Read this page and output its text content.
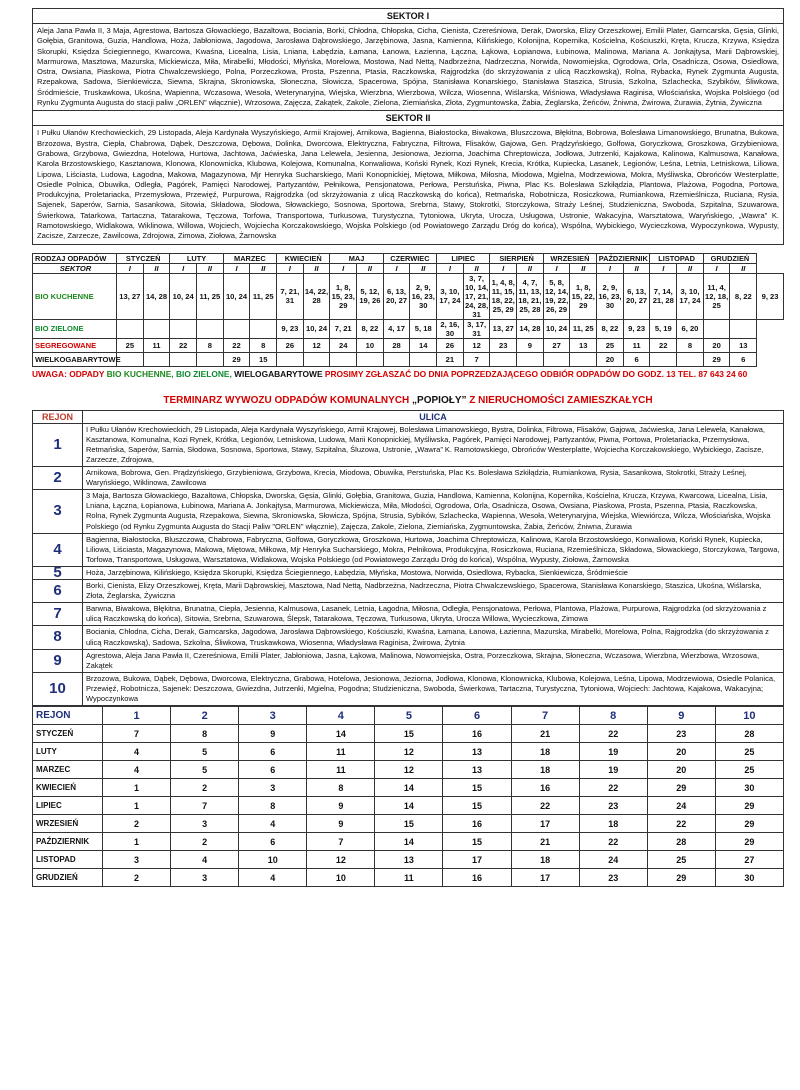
SEKTOR I
Aleja Jana Pawła II, 3 Maja, Agrestowa, Bartosza Głowackiego, Bazaltowa, Bociania, Borki, Chłodna, Chłopska, Cicha, Cienista, Czereśniowa, Derak, Dworska, Elizy Orzeszkowej, Emilii Plater, Garncarska, Gęsia, Glinki, Gołębia, Granitowa, Guzia, Handlowa, Hoża, Jabłoniowa, Jagodowa, Jarosława Dąbrowskiego, Jarzębinowa, Jasna, Kamienna, Kilińskiego, Kolonijna, Kopernika, Kościelna, Kościuszki, Kręta, Krucza, Krzywa, Księdza Skorupki, Księdza Ściegiennego, Kwarcowa, Kwaśna, Licealna, Lisia, Lniana, Łabędzia, Łamana, Łanowa, Łazienna, Łączna, Łąkowa, Łopianowa, Łubinowa, Malinowa, Mariana A. Jonkajtysa, Marii Dąbrowskiej, Marmurowa, Masztowa, Mazurska, Mickiewicza, Miła, Mirabelki, Młodości, Młyńska, Morelowa, Mostowa, Nad Nettą, Nadbrzeżna, Nadrzeczna, Norwida, Nowomiejska, Ogrodowa, Orla, Osadnicza, Osowa, Osiedlowa, Ostra, Owsiana, Piaskowa, Piotra Chwalczewskiego, Polna, Porzeczkowa, Prosta, Pszenna, Ptasia, Raczkowska, Rajgrodzka (do skrzyżowania z ulicą Raczkowską), Rolna, Rybacka, Rynek Zygmunta Augusta, Rzepakowa, Sadowa, Sienkiewicza, Siewna, Skrajna, Skroniowska, Słoneczna, Słowicza, Spacerowa, Spójna, Stanisława Konarskiego, Stanisława Staszica, Strusia, Szkolna, Szlachecka, Szybików, Śliwkowa, Śródmieście, Truskawkowa, Ukośna, Wapienna, Wczasowa, Wesoła, Weterynaryjna, Wiejska, Wierzbna, Wierzbowa, Wilcza, Wiosenna, Wiślarska, Wiśniowa, Władysława Raginisa, Włościańska, Wojska Polskiego (od Rynku Zygmunta Augusta do stacji paliw „ORLEN” włącznie), Wrzosowa, Zajęcza, Zakątek, Zakole, Zielona, Ziemiańska, Złota, Zygmuntowska, Żabia, Żeglarska, Żeńców, Żniwna, Żwirowa, Żurawia, Żytnia, Żywiczna
SEKTOR II
I Pułku Ułanów Krechowieckich, 29 Listopada, Aleja Kardynała Wyszyńskiego, Armii Krajowej, Arnikowa, Bagienna, Białostocka, Biwakowa, Bluszczowa, Błękitna, Bobrowa, Bolesława Limanowskiego, Brunatna, Bukowa, Brzozowa, Bystra, Ciepła, Chabrowa, Dąbek, Deszczowa, Dębowa, Dolinka, Dworcowa, Elektryczna, Fabryczna, Filtrowa, Flisaków, Gajowa, Gen. Prądzyńskiego, Golfowa, Goryczkowa, Groszkowa, Grzybieniowa, Grabowa, Grzybowa, Gwiezdna, Hotelowa, Hurtowa, Jachtowa, Jaćwieska, Jana Lelewela, Jesienna, Jesionowa, Jeziorna, Joachima Chreptowicza, Jodłowa, Jutrzenki, Kajakowa, Kalinowa, Kalmusowa, Kanałowa, Karola Brzostowskiego, Kasztanowa, Klonowa, Klonownicka, Klubowa, Kolejowa, Komunalna, Konwaliowa, Koński Rynek, Kozi Rynek, Krecia, Krótka, Kupiecka, Lasanek, Legionów, Leśna, Letnia, Letniskowa, Liliowa, Lipowa, Liściasta, Ludowa, Łagodna, Makowa, Magazynowa, Mjr Henryka Sucharskiego, Marii Konopnickiej, Miętowa, Miłkowa, Miłosna, Miodowa, Mgielna, Modrzewiowa, Mokra, Myśliwska, Obrońców Westerplatte, Osiedle Polnica, Obuwika, Odległa, Pagórek, Pamięci Narodowej, Partyzantów, Pełnikowa, Pensjonatowa, Perłowa, Perstuńska, Piwna, Plac Ks. Bolesława Szkiłądzia, Plantowa, Plażowa, Pogodna, Portowa, Produkcyjna, Proletariacka, Przemysłowa, Przewięź, Purpurowa, Rajgrodzka (od skrzyżowania z ulicą Raczkowską do końca), Retmańska, Robotnicza, Rosiczkowa, Rumiankowa, Rzemieślnicza, Ruciana, Rysia, Sajenek, Saperów, Sarnia, Sasankowa, Sitowia, Składowa, Słodowa, Słowackiego, Sosnowa, Sportowa, Srebrna, Stawy, Stokrotki, Storczykowa, Straży Leśnej, Studzieniczna, Swoboda, Szpitalna, Szuwarowa, Świerkowa, Tatarkowa, Tartaczna, Tatarakowa, Tęczowa, Torfowa, Transportowa, Turkusowa, Turystyczna, Tytoniowa, Ukryta, Urocza, Usługowa, Ustronie, Wakacyjna, Warsztatowa, Waryńskiego, „Wawra” K. Ramotowskiego, Widlakowa, Wiklinowa, Willowa, Wojciech, Wojciecha Korczakowskiego, Wojska Polskiego (od Powiatowego Zarządu Dróg do końca), Wspólna, Wybickiego, Wycieczkowa, Wypoczynkowa, Wypusty, Zacisze, Zarzecze, Zawilcowa, Zdrojowa, Zimowa, Ziołowa, Żarnowska
RODZAJ ODPADÓW	STYCZEŃ		LUTY		MARZEC		KWIECIEŃ		MAJ		CZERWIEC		LIPIEC		SIERPIEŃ		WRZESIEŃ		PAŹDZIERNIK		LISTOPAD		GRUDZIEŃ		
SEKTOR	I	II	I	II	I	II	I	II	I	II	I	II	I	II	I	II	I	II	I	II	I	II	I	II	
BIO KUCHENNE	13, 27	14, 28	10, 24	11, 25	10, 24	11, 25	7, 21, 31	14, 22, 28	1, 8, 15, 23, 29	5, 12, 19, 26	6, 13, 20, 27	2, 9, 16, 23, 30	3, 10, 17, 24	3, 7, 10, 14, 17, 21, 24, 28, 31	1, 4, 8, 11, 15, 18, 22, 25, 29	4, 7, 11, 13, 18, 21, 25, 28	5, 8, 12, 14, 19, 22, 26, 29	1, 8, 15, 22, 29	2, 9, 16, 23, 30	6, 13, 20, 27	7, 14, 21, 28	3, 10, 17, 24	11, 4, 12, 18, 25	8, 22	9, 23
BIO ZIELONE							9, 23	10, 24	7, 21	8, 22	4, 17	5, 18	2, 16, 30	3, 17, 31	13, 27	14, 28	10, 24	11, 25	8, 22	9, 23	5, 19	6, 20			
SEGREGOWANE	25	11	22	8	22	8	26	12	24	10	28	14	26	12	23	9	27	13	25	11	22	8	20	13	
WIELKOGABARYTOWE					29	15							21	7					20	6			29	6	
UWAGA: ODPADY BIO KUCHENNE, BIO ZIELONE, WIELOGABARYTOWE PROSIMY ZGŁASZAĆ DO DNIA POPRZEDZAJĄCEGO ODBIÓR ODPADÓW DO GODZ. 13 TEL. 87 643 24 60
TERMINARZ WYWOZU ODPADÓW KOMUNALNYCH „POPIOŁY” Z NIERUCHOMOŚCI ZAMIESZKAŁYCH
REJON	ULICA
1	I Pułku Ułanów Krechowieckich, 29 Listopada, Aleja Kardynała Wyszyńskiego, Armii Krajowej, Bolesława Limanowskiego, Bystra, Dolinka, Filtrowa, Flisaków, Gajowa, Jaćwieska, Jana Lelewela, Kanałowa, Kasztanowa, Komunalna, Kozi Rynek, Krótka, Legionów, Letniskowa, Ludowa, Marii Konopnickiej, Myśliwska, Pagórek, Pamięci Narodowej, Partyzantów, Piwna, Portowa, Proletariacka, Przemysłowa, Retmańska, Saperów, Sarnia, Słodowa, Sosnowa, Sportowa, Stawy, Szpitalna, Śluzowa, Ustronie, „Wawra” K. Ramotowskiego, Obrońców Westerplatte, Wojciecha Korczakowskiego, Wybickiego, Zacisze, Zarzecze, Zdrojowa,
2	Arnikowa, Bobrowa, Gen. Prądzyńskiego, Grzybieniowa, Grzybowa, Krecia, Miodowa, Obuwika, Perstuńska, Plac Ks. Bolesława Szkiłądzia, Rumiankowa, Rysia, Sasankowa, Stokrotki, Straży Leśnej, Waryńskiego, Wiklinowa, Zawilcowa
3	3 Maja, Bartosza Głowackiego, Bazaltowa, Chłopska, Dworska, Gęsia, Glinki, Gołębia, Granitowa, Guzia, Handlowa, Kamienna, Kolonijna, Kopernika, Kościelna, Krucza, Krzywa, Kwarcowa, Licealna, Lisia, Lniana, Łączna, Łopianowa, Łubinowa, Mariana A. Jonkajtysa, Marmurowa, Mickiewicza, Miła, Młodości, Ogrodowa, Orla, Osadnicza, Osowa, Owsiana, Piaskowa, Prosta, Pszenna, Ptasia, Raczkowska, Rolna, Rynek Zygmunta Augusta, Rzepakowa, Siewna, Skroniowska, Słowicza, Spójna, Strusia, Sybików, Szlachecka, Wapienna, Wesoła, Weterynaryjna, Wiejska, Wiewiórcza, Wilcza, Włościańska, Wojska Polskiego (od Rynku Zygmunta Augusta do Stacji Paliw "ORLEN" włącznie), Zajęcza, Zakole, Zielona, Ziemiańska, Zygmuntowska, Żabia, Żeńców, Żniwna, Żurawia
4	Bagienna, Białostocka, Bluszczowa, Chabrowa, Fabryczna, Golfowa, Goryczkowa, Groszkowa, Hurtowa, Joachima Chreptowicza, Kalinowa, Karola Brzostowskiego, Konwaliowa, Koński Rynek, Kupiecka, Liliowa, Liściasta, Magazynowa, Makowa, Miętowa, Miłkowa, Mjr Henryka Sucharskiego, Mokra, Pełnikowa, Produkcyjna, Rosiczkowa, Ruciana, Rzemieślnicza, Składowa, Słowackiego, Storczykowa, Targowa, Torfowa, Transportowa, Usługowa, Warsztatowa, Widlakowa, Wojska Polskiego (od Powiatowego Zarządu Dróg do końca), Wspólna, Wypusty, Ziołowa, Żarnowska
5	Hoża, Jarzębinowa, Kilińskiego, Księdza Skorupki, Księdza Ściegiennego, Łabędzia, Młyńska, Mostowa, Norwida, Osiedlowa, Rybacka, Sienkiewicza, Śródmieście
6	Borki, Cienista, Elizy Orzeszkowej, Kręta, Marii Dąbrowskiej, Masztowa, Nad Nettą, Nadbrzeżna, Nadrzeczna, Piotra Chwalczewskiego, Spacerowa, Stanisława Konarskiego, Staszica, Ukośna, Wiślarska, Złota, Żeglarska, Żywiczna
7	Barwna, Biwakowa, Błękitna, Brunatna, Ciepła, Jesienna, Kalmusowa, Lasanek, Letnia, Łagodna, Miłosna, Odległa, Pensjonatowa, Perłowa, Plantowa, Plażowa, Purpurowa, Rajgrodzka (od skrzyżowania z ulicą Raczkowską do końca), Sitowia, Srebrna, Szuwarowa, Ślepsk, Tatarakowa, Tęczowa, Turkusowa, Ukryta, Urocza Willowa, Wycieczkowa, Zimowa
8	Bociania, Chłodna, Cicha, Derak, Garncarska, Jagodowa, Jarosława Dąbrowskiego, Kościuszki, Kwaśna, Łamana, Łanowa, Łazienna, Mazurska, Mirabelki, Morelowa, Polna, Rajgrodzka (do skrzyżowania z ulicą Raczkowską), Sadowa, Szkolna, Śliwkowa, Truskawkowa, Wiosenna, Władysława Raginisa, Żwirowa, Żytnia
9	Agrestowa, Aleja Jana Pawła II, Czereśniowa, Emilii Plater, Jabłoniowa, Jasna, Łąkowa, Malinowa, Nowomiejska, Ostra, Porzeczkowa, Skrajna, Słoneczna, Wczasowa, Wierzbna, Wierzbowa, Wrzosowa, Zakątek
10	Brzozowa, Bukowa, Dąbek, Dębowa, Dworcowa, Elektryczna, Grabowa, Hotelowa, Jesionowa, Jeziorna, Jodłowa, Klonowa, Klonownicka, Klubowa, Kolejowa, Leśna, Lipowa, Modrzewiowa, Osiedle Polanica, Przewięź, Robotnicza, Sajenek: Deszczowa, Gwiezdna, Jutrzenki, Mgielna, Pogodna; Studzieniczna, Swoboda, Świerkowa, Tartaczna, Turystyczna, Tytoniowa, Wojciech: Jachtowa, Kajakowa, Wakacyjna; Wypoczynkowa
REJON	1	2	3	4	5	6	7	8	9	10
STYCZEŃ	7	8	9	14	15	16	21	22	23	28
LUTY	4	5	6	11	12	13	18	19	20	25
MARZEC	4	5	6	11	12	13	18	19	20	25
KWIECIEŃ	1	2	3	8	14	15	16	22	29	30
LIPIEC	1	7	8	9	14	15	22	23	24	29
WRZESIEŃ	2	3	4	9	15	16	17	18	22	29
PAŹDZIERNIK	1	2	6	7	14	15	21	22	28	29
LISTOPAD	3	4	10	12	13	17	18	24	25	27
GRUDZIEŃ	2	3	4	10	11	16	17	23	29	30
